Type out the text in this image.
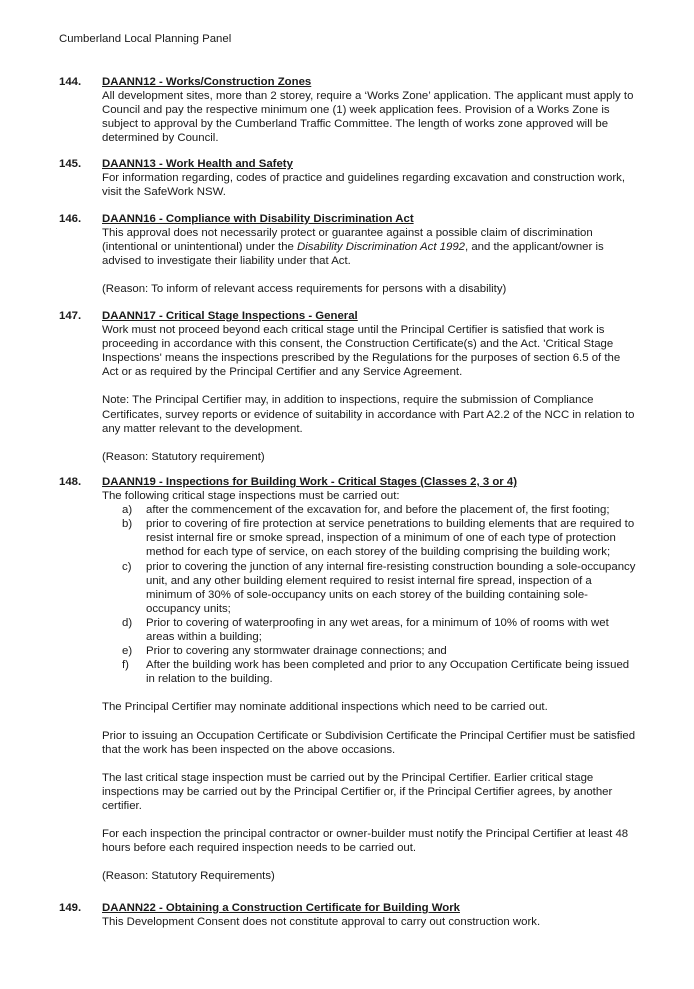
Cumberland Local Planning Panel
144. DAANN12 - Works/Construction Zones

All development sites, more than 2 storey, require a ‘Works Zone’ application. The applicant must apply to Council and pay the respective minimum one (1) week application fees. Provision of a Works Zone is subject to approval by the Cumberland Traffic Committee. The length of works zone approved will be determined by Council.

145. DAANN13 - Work Health and Safety

For information regarding, codes of practice and guidelines regarding excavation and construction work, visit the SafeWork NSW.

146. DAANN16 - Compliance with Disability Discrimination Act

This approval does not necessarily protect or guarantee against a possible claim of discrimination (intentional or unintentional) under the Disability Discrimination Act 1992, and the applicant/owner is advised to investigate their liability under that Act.

(Reason: To inform of relevant access requirements for persons with a disability)

147. DAANN17 - Critical Stage Inspections - General

Work must not proceed beyond each critical stage until the Principal Certifier is satisfied that work is proceeding in accordance with this consent, the Construction Certificate(s) and the Act. 'Critical Stage Inspections' means the inspections prescribed by the Regulations for the purposes of section 6.5 of the Act or as required by the Principal Certifier and any Service Agreement.

Note: The Principal Certifier may, in addition to inspections, require the submission of Compliance Certificates, survey reports or evidence of suitability in accordance with Part A2.2 of the NCC in relation to any matter relevant to the development.

(Reason: Statutory requirement)

148. DAANN19 - Inspections for Building Work - Critical Stages (Classes 2, 3 or 4)

The following critical stage inspections must be carried out:

a) after the commencement of the excavation for, and before the placement of, the first footing;
b) prior to covering of fire protection at service penetrations to building elements that are required to resist internal fire or smoke spread, inspection of a minimum of one of each type of protection method for each type of service, on each storey of the building comprising the building work;
c) prior to covering the junction of any internal fire-resisting construction bounding a sole-occupancy unit, and any other building element required to resist internal fire spread, inspection of a minimum of 30% of sole-occupancy units on each storey of the building containing sole-occupancy units;
d) Prior to covering of waterproofing in any wet areas, for a minimum of 10% of rooms with wet areas within a building;
e) Prior to covering any stormwater drainage connections; and
f) After the building work has been completed and prior to any Occupation Certificate being issued in relation to the building.

The Principal Certifier may nominate additional inspections which need to be carried out.

Prior to issuing an Occupation Certificate or Subdivision Certificate the Principal Certifier must be satisfied that the work has been inspected on the above occasions.

The last critical stage inspection must be carried out by the Principal Certifier. Earlier critical stage inspections may be carried out by the Principal Certifier or, if the Principal Certifier agrees, by another certifier.

For each inspection the principal contractor or owner-builder must notify the Principal Certifier at least 48 hours before each required inspection needs to be carried out.

(Reason: Statutory Requirements)

149. DAANN22 - Obtaining a Construction Certificate for Building Work

This Development Consent does not constitute approval to carry out construction work.
